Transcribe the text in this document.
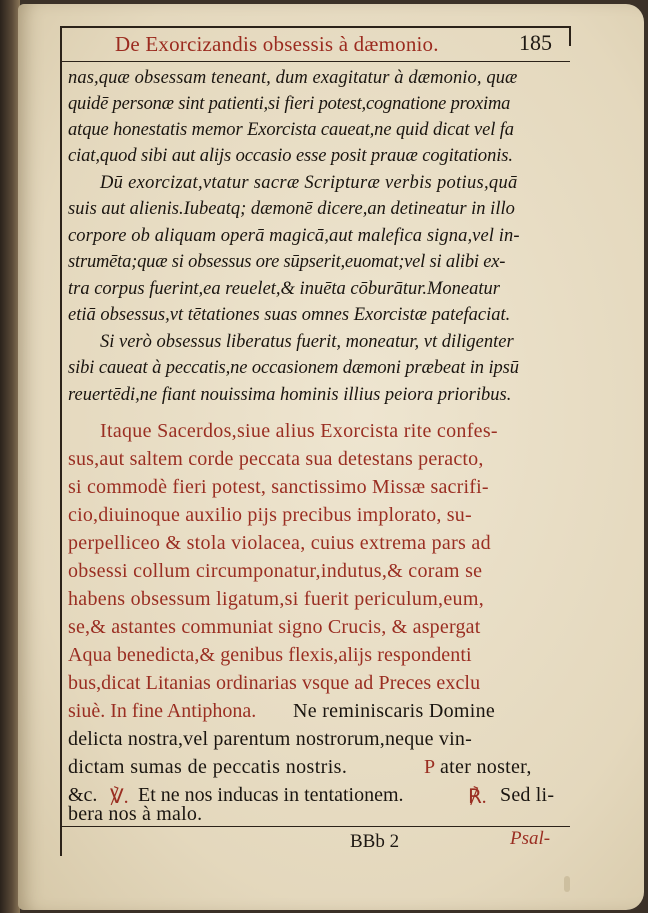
De Exorcizandis obsessis à dæmonio.	185
nas,quæ obsessam teneant, dum exagitatur à dæmonio, quæ
quidē personæ sint patienti,si fieri potest,cognatione proxima
atque honestatis memor Exorcista caueat,ne quid dicat vel fa
ciat,quod sibi aut alijs occasio esse posit prauæ cogitationis.
Dū exorcizat,vtatur sacræ Scripturæ verbis potius,quā
suis aut alienis.Iubeatq; dæmonē dicere,an detineatur in illo
corpore ob aliquam operā magicā,aut malefica signa,vel in-
strumēta;quæ si obsessus ore sūpserit,euomat;vel si alibi ex-
tra corpus fuerint,ea reuelet,& inuēta cōburātur.Moneatur
etiā obsessus,vt tētationes suas omnes Exorcistæ patefaciat.
Si verò obsessus liberatus fuerit, moneatur, vt diligenter
sibi caueat à peccatis,ne occasionem dæmoni præbeat in ipsū
reuertēdi,ne fiant nouissima hominis illius peiora prioribus.
Itaque Sacerdos,siue alius Exorcista rite confes-
sus,aut saltem corde peccata sua detestans peracto,
si commodè fieri potest, sanctissimo Missæ sacrifi-
cio,diuinoque auxilio pijs precibus implorato, su-
perpelliceo & stola violacea, cuius extrema pars ad
obsessi collum circumponatur,indutus,& coram se
habens obsessum ligatum,si fuerit periculum,eum,
se,& astantes communiat signo Crucis, & aspergat
Aqua benedicta,& genibus flexis,alijs respondenti
bus,dicat Litanias ordinarias vsque ad Preces exclu
siuè. In fine Antiphona. Ne reminiscaris Domine
delicta nostra,vel parentum nostrorum,neque vin-
dictam sumas de peccatis nostris.	P ater noster,
&c. ℣. Et ne nos inducas in tentationem.	℟. Sed li-
bera nos à malo.
BBb 2	Psal-
